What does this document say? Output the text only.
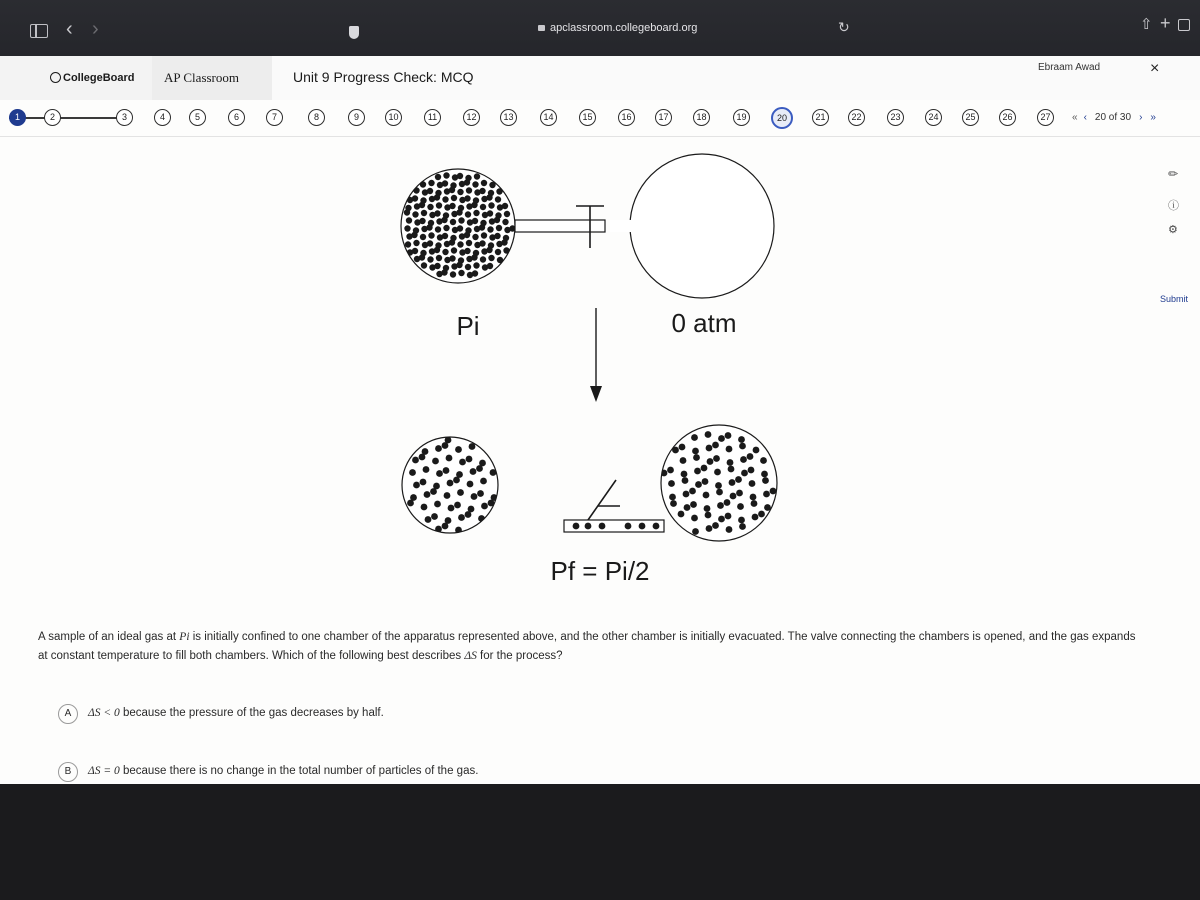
‹ ›	apclassroom.collegeboard.org	↻	⇧ +
CollegeBoard AP Classroom	Unit 9 Progress Check: MCQ
Ebraam Awad	×
1	2	3	4	5	6	7	8	9	10	11	12	13	14	15	16	17	18	19	20	21	22	23	24	25	26	27	« ‹ 20 of 30 › »
✏
ⓘ
⚙
Submit
Pi	0 atm
Pf = Pi/2
A sample of an ideal gas at Pi is initially confined to one chamber of the apparatus represented above, and the other chamber is initially evacuated. The valve connecting the chambers is opened, and the gas expands at constant temperature to fill both chambers. Which of the following best describes ΔS for the process?
A ΔS < 0 because the pressure of the gas decreases by half.
B ΔS = 0 because there is no change in the total number of particles of the gas.
